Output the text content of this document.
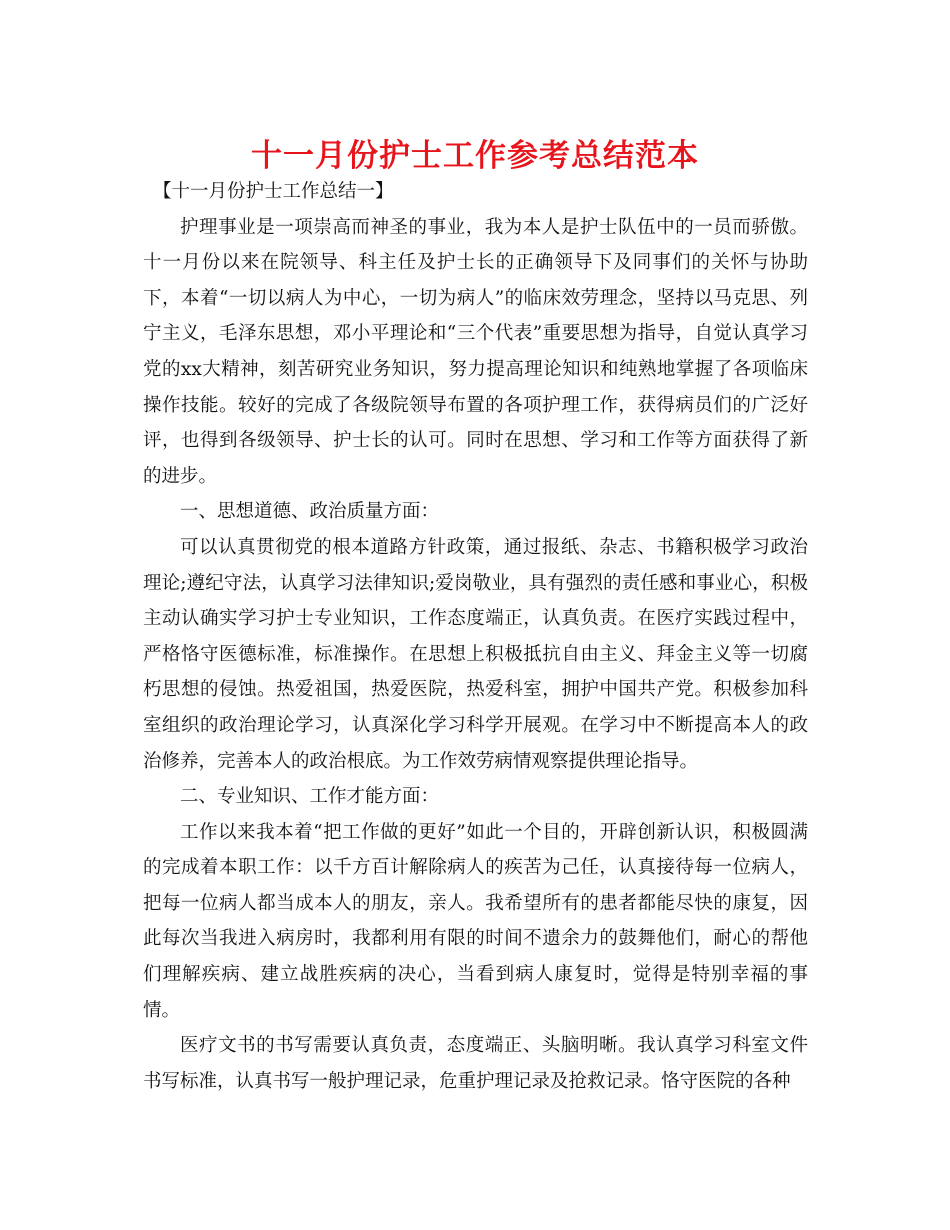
十一月份护士工作参考总结范本

【十一月份护士工作总结一】

护理事业是一项崇高而神圣的事业，我为本人是护士队伍中的一员而骄傲。十一月份以来在院领导、科主任及护士长的正确领导下及同事们的关怀与协助下，本着“一切以病人为中心，一切为病人”的临床效劳理念，坚持以马克思、列宁主义，毛泽东思想，邓小平理论和“三个代表”重要思想为指导，自觉认真学习党的xx大精神，刻苦研究业务知识，努力提高理论知识和纯熟地掌握了各项临床操作技能。较好的完成了各级院领导布置的各项护理工作，获得病员们的广泛好评，也得到各级领导、护士长的认可。同时在思想、学习和工作等方面获得了新的进步。

一、思想道德、政治质量方面：

可以认真贯彻党的根本道路方针政策，通过报纸、杂志、书籍积极学习政治理论;遵纪守法，认真学习法律知识;爱岗敬业，具有强烈的责任感和事业心，积极主动认确实学习护士专业知识，工作态度端正，认真负责。在医疗实践过程中，严格恪守医德标准，标准操作。在思想上积极抵抗自由主义、拜金主义等一切腐朽思想的侵蚀。热爱祖国，热爱医院，热爱科室，拥护中国共产党。积极参加科室组织的政治理论学习，认真深化学习科学开展观。在学习中不断提高本人的政治修养，完善本人的政治根底。为工作效劳病情观察提供理论指导。

二、专业知识、工作才能方面：

工作以来我本着“把工作做的更好”如此一个目的，开辟创新认识，积极圆满的完成着本职工作：以千方百计解除病人的疾苦为己任，认真接待每一位病人，把每一位病人都当成本人的朋友，亲人。我希望所有的患者都能尽快的康复，因此每次当我进入病房时，我都利用有限的时间不遗余力的鼓舞他们，耐心的帮他们理解疾病、建立战胜疾病的决心，当看到病人康复时，觉得是特别幸福的事情。

医疗文书的书写需要认真负责，态度端正、头脑明晰。我认真学习科室文件书写标准，认真书写一般护理记录，危重护理记录及抢救记录。恪守医院的各种
